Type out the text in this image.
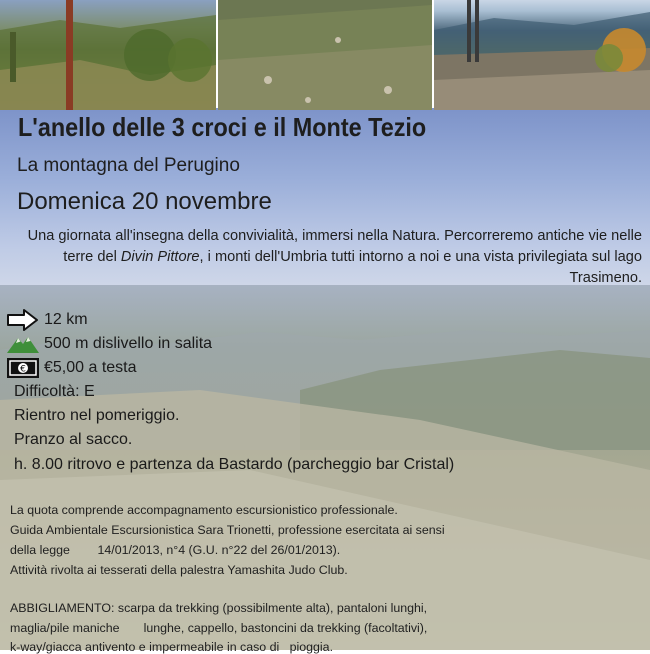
L'anello delle 3 croci e il Monte Tezio
La montagna del Perugino
Domenica 20 novembre
Una giornata all'insegna della convivialità, immersi nella Natura. Percorreremo antiche vie nelle terre del Divin Pittore, i monti dell'Umbria tutti intorno a noi e una vista privilegiata sul lago Trasimeno.
12 km
500 m dislivello in salita
€ €5,00 a testa
Difficoltà: E
Rientro nel pomeriggio.
Pranzo al sacco.
h. 8.00 ritrovo e partenza da Bastardo (parcheggio bar Cristal)
La quota comprende accompagnamento escursionistico professionale.
Guida Ambientale Escursionistica Sara Trionetti, professione esercitata ai sensi
della legge        14/01/2013, n°4 (G.U. n°22 del 26/01/2013).
Attività rivolta ai tesserati della palestra Yamashita Judo Club.
ABBIGLIAMENTO: scarpa da trekking (possibilmente alta), pantaloni lunghi,
maglia/pile maniche       lunghe, cappello, bastoncini da trekking (facoltativi),
k-way/giacca antivento e impermeabile in caso di   pioggia.
